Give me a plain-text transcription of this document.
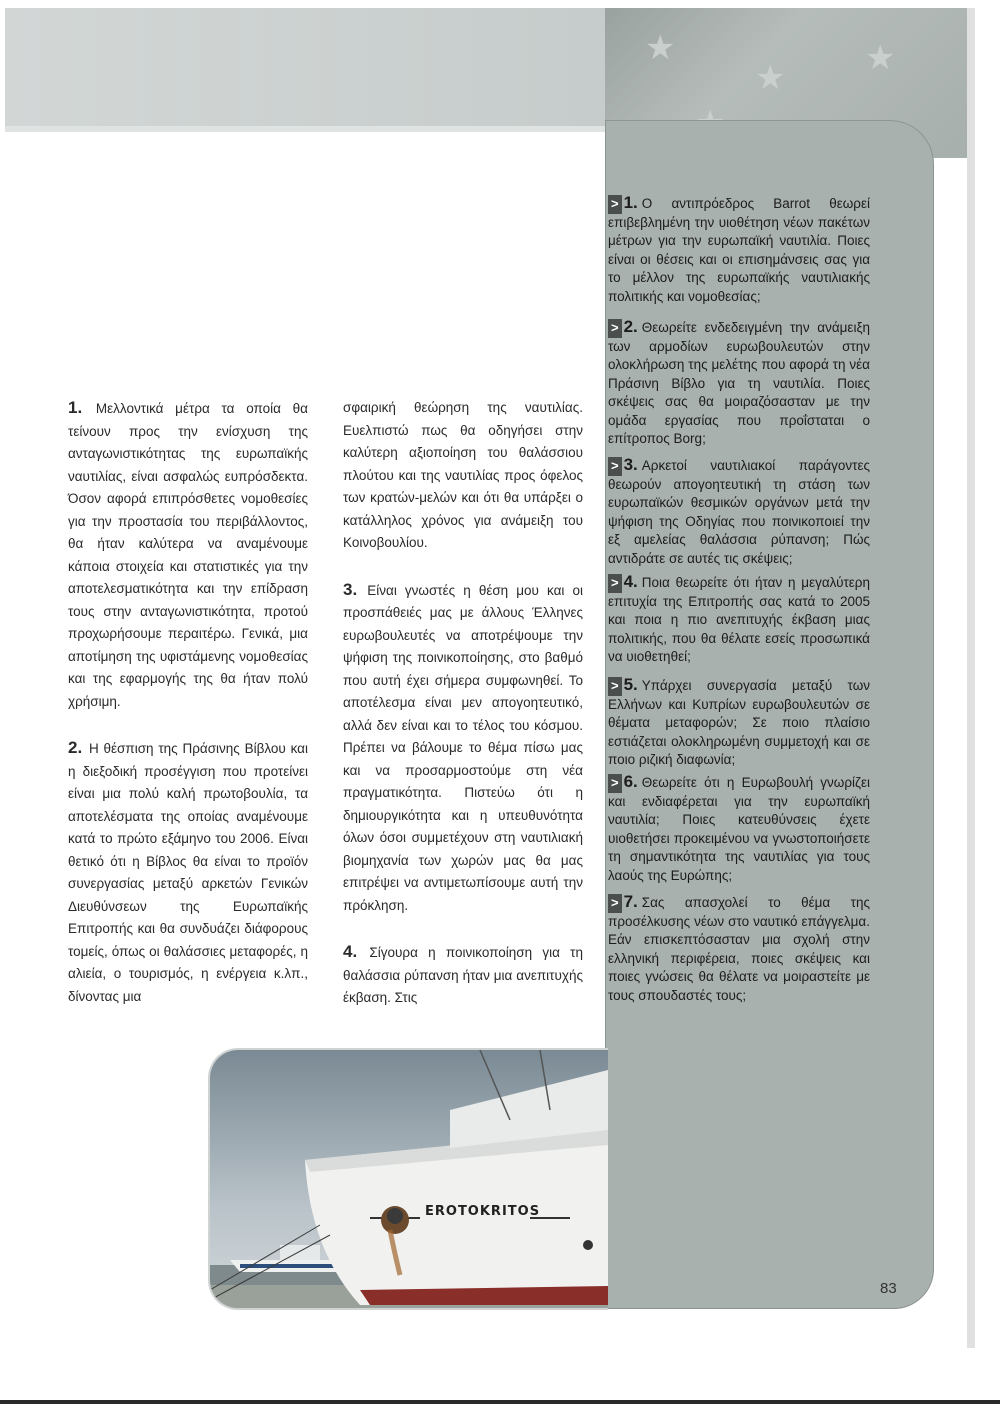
★
★
★
> 1. Ο αντιπρόεδρος Barrot θεωρεί επιβεβλημένη την υιοθέτηση νέων πακέτων μέτρων για την ευρωπαϊκή ναυτιλία. Ποιες είναι οι θέσεις και οι επισημάνσεις σας για το μέλλον της ευρωπαϊκής ναυτιλιακής πολιτικής και νομοθεσίας;
> 2. Θεωρείτε ενδεδειγμένη την ανάμειξη των αρμοδίων ευρωβουλευτών στην ολοκλήρωση της μελέτης που αφορά τη νέα Πράσινη Βίβλο για τη ναυτιλία. Ποιες σκέψεις σας θα μοιραζόσασταν με την ομάδα εργασίας που προΐσταται ο επίτροπος Borg;
> 3. Αρκετοί ναυτιλιακοί παράγοντες θεωρούν απογοητευτική τη στάση των ευρωπαϊκών θεσμικών οργάνων μετά την ψήφιση της Οδηγίας που ποινικοποιεί την εξ αμελείας θαλάσσια ρύπανση; Πώς αντιδράτε σε αυτές τις σκέψεις;
> 4. Ποια θεωρείτε ότι ήταν η μεγαλύτερη επιτυχία της Επιτροπής σας κατά το 2005 και ποια η πιο ανεπιτυχής έκβαση μιας πολιτικής, που θα θέλατε εσείς προσωπικά να υιοθετηθεί;
> 5. Υπάρχει συνεργασία μεταξύ των Ελλήνων και Κυπρίων ευρωβουλευτών σε θέματα μεταφορών; Σε ποιο πλαίσιο εστιάζεται ολοκληρωμένη συμμετοχή και σε ποιο ριζική διαφωνία;
> 6. Θεωρείτε ότι η Ευρωβουλή γνωρίζει και ενδιαφέρεται για την ευρωπαϊκή ναυτιλία; Ποιες κατευθύνσεις έχετε υιοθετήσει προκειμένου να γνωστοποιήσετε τη σημαντικότητα της ναυτιλίας για τους λαούς της Ευρώπης;
> 7. Σας απασχολεί το θέμα της προσέλκυσης νέων στο ναυτικό επάγγελμα. Εάν επισκεπτόσασταν μια σχολή στην ελληνική περιφέρεια, ποιες σκέψεις και ποιες γνώσεις θα θέλατε να μοιραστείτε με τους σπουδαστές τους;

1. Μελλοντικά μέτρα τα οποία θα τείνουν προς την ενίσχυση της ανταγωνιστικότητας της ευρωπαϊκής ναυτιλίας, είναι ασφαλώς ευπρόσδεκτα. Όσον αφορά επιπρόσθετες νομοθεσίες για την προστασία του περιβάλλοντος, θα ήταν καλύτερα να αναμένουμε κάποια στοιχεία και στατιστικές για την αποτελεσματικότητα και την επίδραση τους στην ανταγωνιστικότητα, προτού προχωρήσουμε περαιτέρω. Γενικά, μια αποτίμηση της υφιστάμενης νομοθεσίας και της εφαρμογής της θα ήταν πολύ χρήσιμη.

2. Η θέσπιση της Πράσινης Βίβλου και η διεξοδική προσέγγιση που προτείνει είναι μια πολύ καλή πρωτοβουλία, τα αποτελέσματα της οποίας αναμένουμε κατά το πρώτο εξάμηνο του 2006. Είναι θετικό ότι η Βίβλος θα είναι το προϊόν συνεργασίας μεταξύ αρκετών Γενικών Διευθύνσεων της Ευρωπαϊκής Επιτροπής και θα συνδυάζει διάφορους τομείς, όπως οι θαλάσσιες μεταφορές, η αλιεία, ο τουρισμός, η ενέργεια κ.λπ., δίνοντας μια

σφαιρική θεώρηση της ναυτιλίας. Ευελπιστώ πως θα οδηγήσει στην καλύτερη αξιοποίηση του θαλάσσιου πλούτου και της ναυτιλίας προς όφελος των κρατών-μελών και ότι θα υπάρξει ο κατάλληλος χρόνος για ανάμειξη του Κοινοβουλίου.

3. Είναι γνωστές η θέση μου και οι προσπάθειές μας με άλλους Έλληνες ευρωβουλευτές να αποτρέψουμε την ψήφιση της ποινικοποίησης, στο βαθμό που αυτή έχει σήμερα συμφωνηθεί. Το αποτέλεσμα είναι μεν απογοητευτικό, αλλά δεν είναι και το τέλος του κόσμου. Πρέπει να βάλουμε το θέμα πίσω μας και να προσαρμοστούμε στη νέα πραγματικότητα. Πιστεύω ότι η δημιουργικότητα και η υπευθυνότητα όλων όσοι συμμετέχουν στη ναυτιλιακή βιομηχανία των χωρών μας θα μας επιτρέψει να αντιμετωπίσουμε αυτή την πρόκληση.

4. Σίγουρα η ποινικοποίηση για τη θαλάσσια ρύπανση ήταν μια ανεπιτυχής έκβαση. Στις

EROTOKRITOS
83
